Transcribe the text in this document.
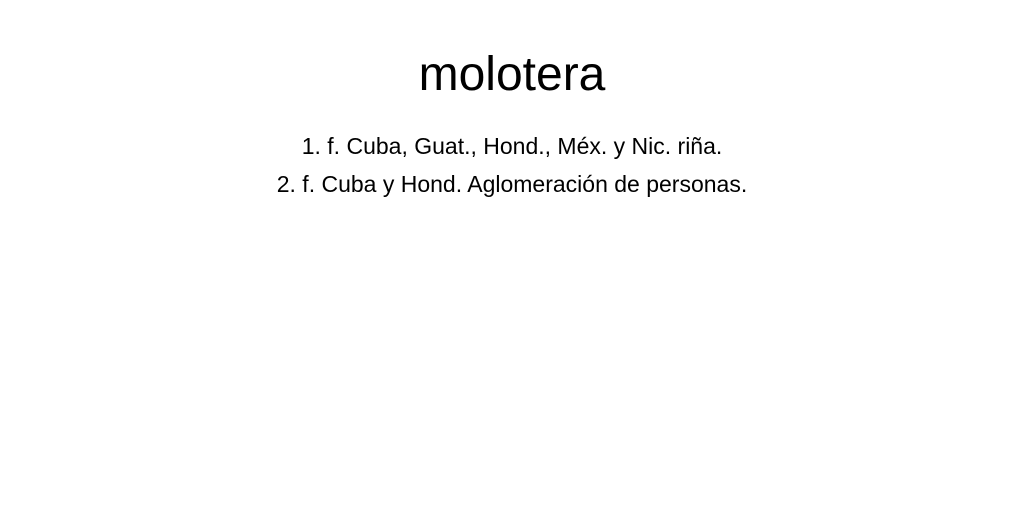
molotera
1. f. Cuba, Guat., Hond., Méx. y Nic. riña.
2. f. Cuba y Hond. Aglomeración de personas.
